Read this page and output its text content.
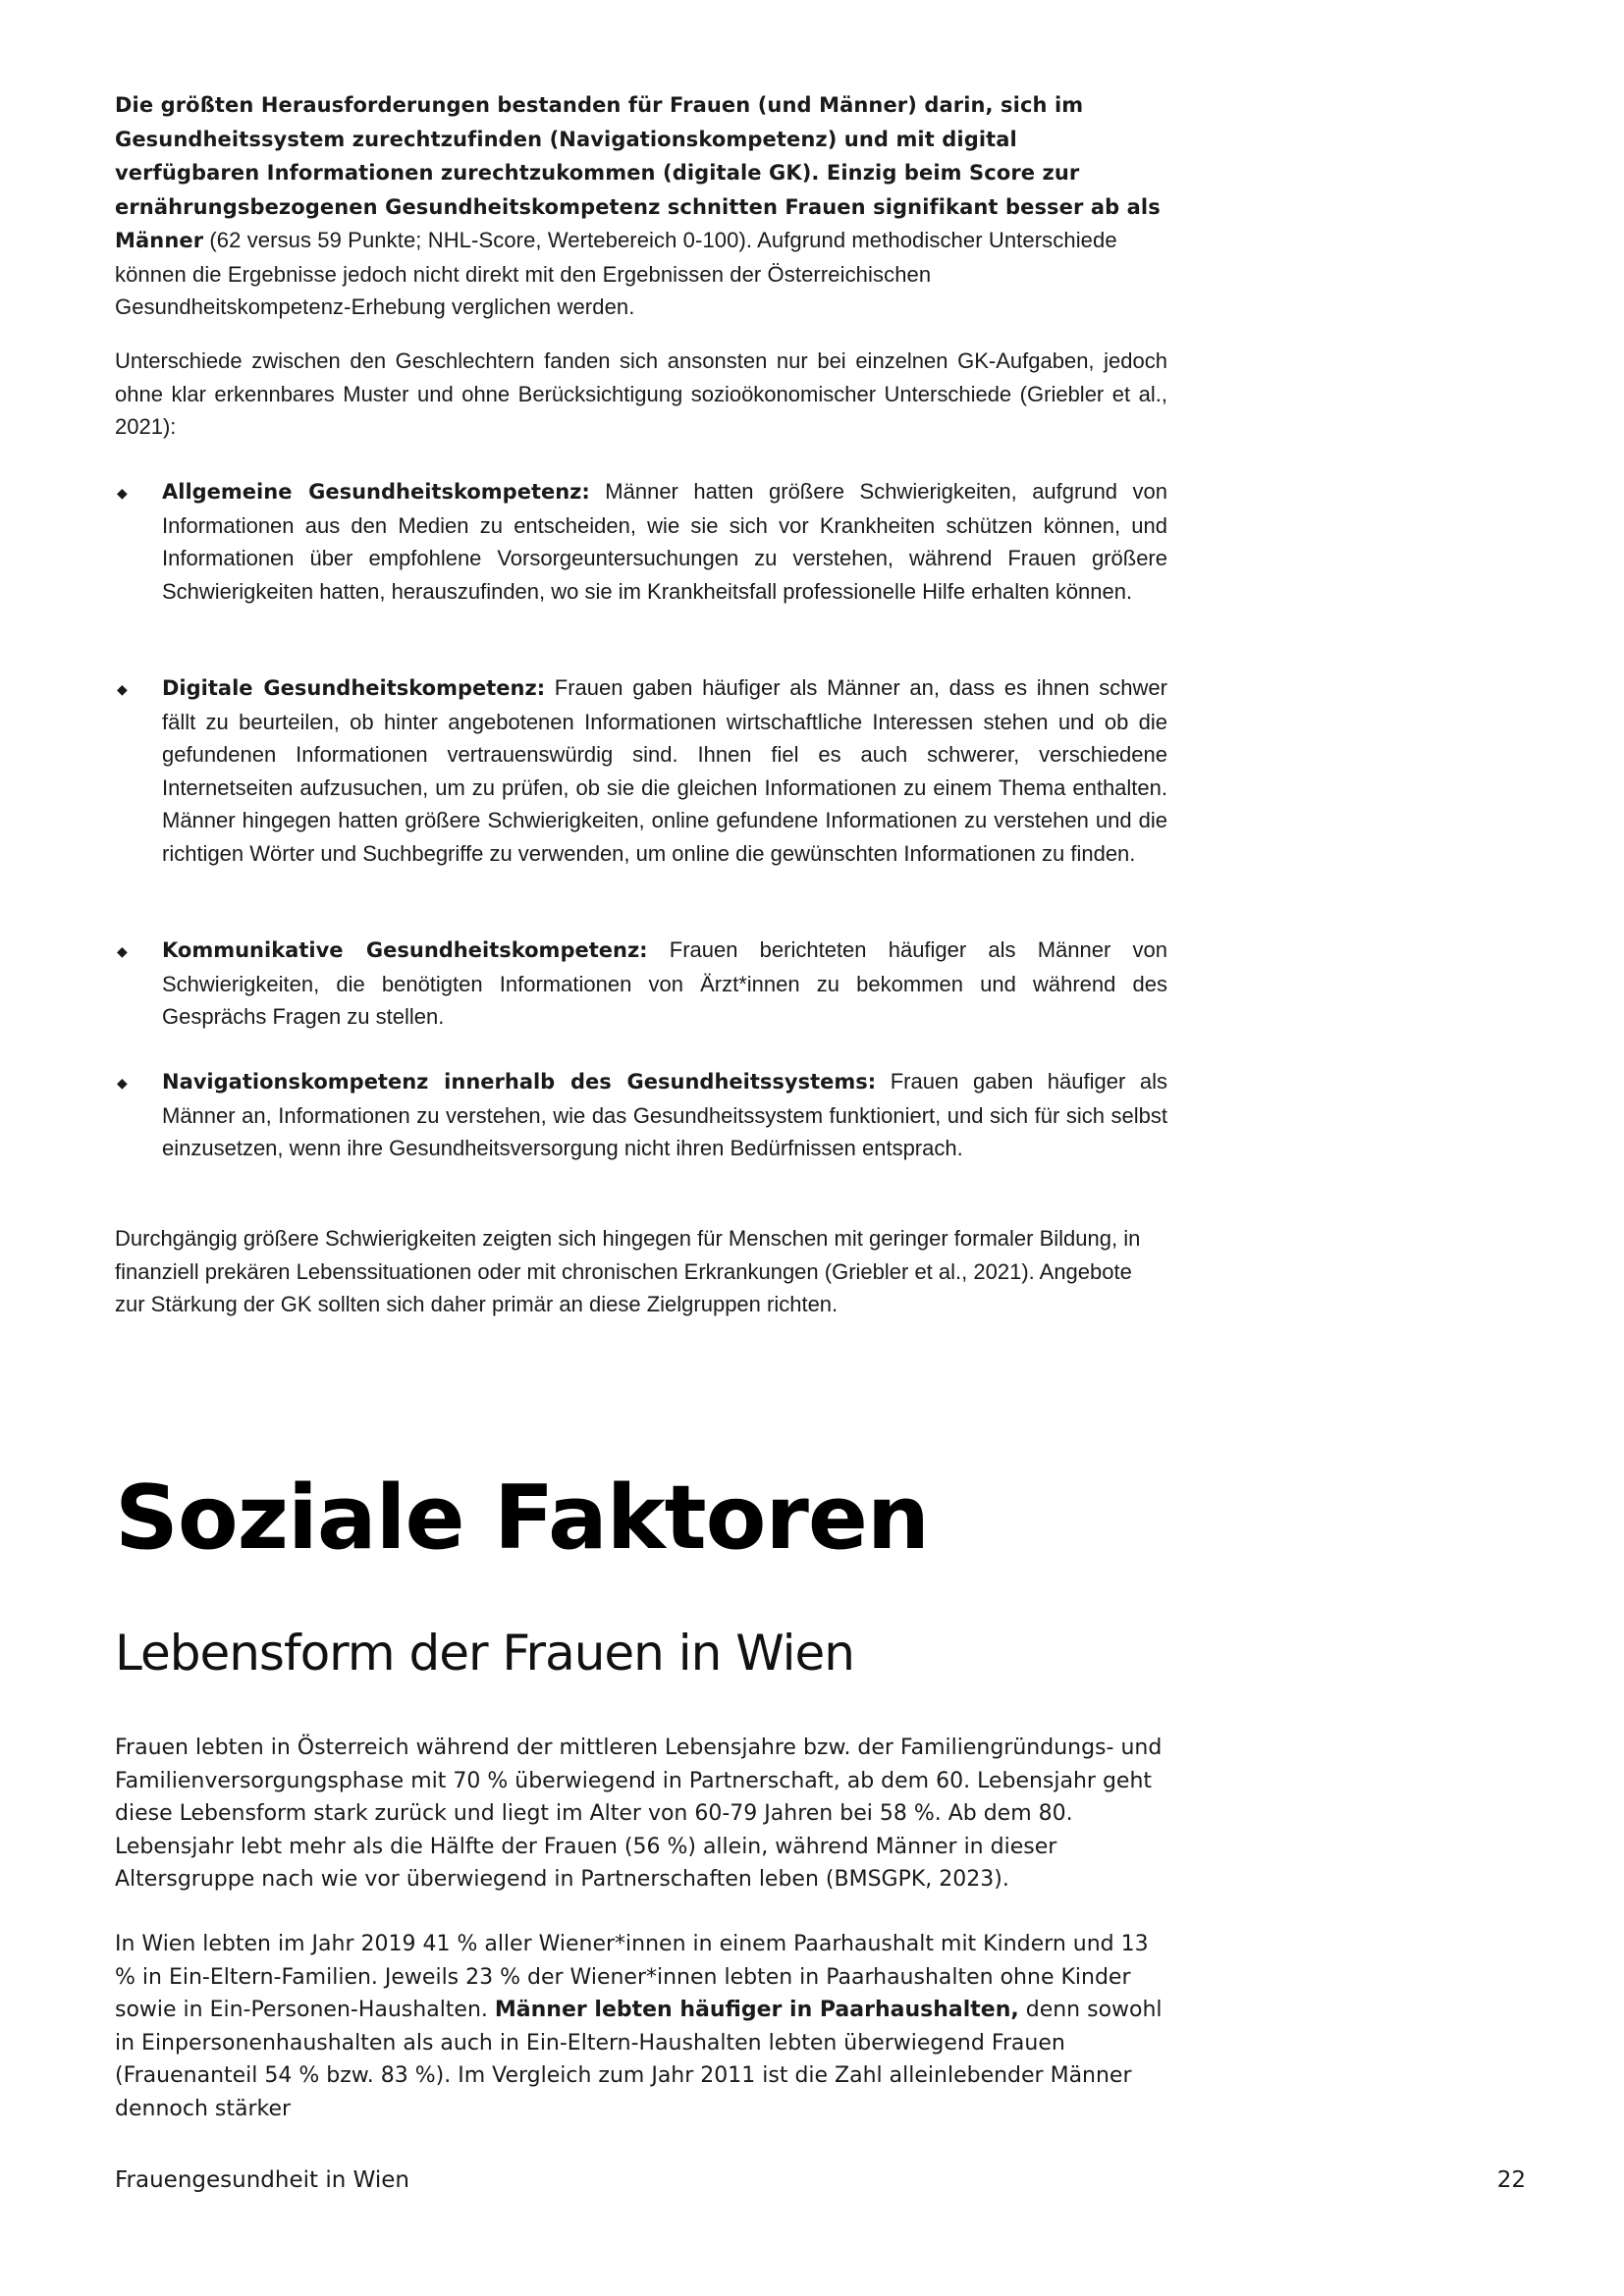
Die größten Herausforderungen bestanden für Frauen (und Männer) darin, sich im Gesundheitssystem zurechtzufinden (Navigationskompetenz) und mit digital verfügbaren Informationen zurechtzukommen (digitale GK). Einzig beim Score zur ernährungsbezogenen Gesundheitskompetenz schnitten Frauen signifikant besser ab als Männer (62 versus 59 Punkte; NHL-Score, Wertebereich 0-100). Aufgrund methodischer Unterschiede können die Ergebnisse jedoch nicht direkt mit den Ergebnissen der Österreichischen Gesundheitskompetenz-Erhebung verglichen werden.

Unterschiede zwischen den Geschlechtern fanden sich ansonsten nur bei einzelnen GK-Aufgaben, jedoch ohne klar erkennbares Muster und ohne Berücksichtigung sozioökonomischer Unterschiede (Griebler et al., 2021):

◆ Allgemeine Gesundheitskompetenz: Männer hatten größere Schwierigkeiten, aufgrund von Informationen aus den Medien zu entscheiden, wie sie sich vor Krankheiten schützen können, und Informationen über empfohlene Vorsorgeuntersuchungen zu verstehen, während Frauen größere Schwierigkeiten hatten, herauszufinden, wo sie im Krankheitsfall professionelle Hilfe erhalten können.
◆ Digitale Gesundheitskompetenz: Frauen gaben häufiger als Männer an, dass es ihnen schwer fällt zu beurteilen, ob hinter angebotenen Informationen wirtschaftliche Interessen stehen und ob die gefundenen Informationen vertrauenswürdig sind. Ihnen fiel es auch schwerer, verschiedene Internetseiten aufzusuchen, um zu prüfen, ob sie die gleichen Informationen zu einem Thema enthalten. Männer hingegen hatten größere Schwierigkeiten, online gefundene Informationen zu verstehen und die richtigen Wörter und Suchbegriffe zu verwenden, um online die gewünschten Informationen zu finden.
◆ Kommunikative Gesundheitskompetenz: Frauen berichteten häufiger als Männer von Schwierigkeiten, die benötigten Informationen von Ärzt*innen zu bekommen und während des Gesprächs Fragen zu stellen.
◆ Navigationskompetenz innerhalb des Gesundheitssystems: Frauen gaben häufiger als Männer an, Informationen zu verstehen, wie das Gesundheitssystem funktioniert, und sich für sich selbst einzusetzen, wenn ihre Gesundheitsversorgung nicht ihren Bedürfnissen entsprach.

Durchgängig größere Schwierigkeiten zeigten sich hingegen für Menschen mit geringer formaler Bildung, in finanziell prekären Lebenssituationen oder mit chronischen Erkrankungen (Griebler et al., 2021). Angebote zur Stärkung der GK sollten sich daher primär an diese Zielgruppen richten.

Soziale Faktoren
Lebensform der Frauen in Wien

Frauen lebten in Österreich während der mittleren Lebensjahre bzw. der Familiengründungs- und Familienversorgungsphase mit 70 % überwiegend in Partnerschaft, ab dem 60. Lebensjahr geht diese Lebensform stark zurück und liegt im Alter von 60-79 Jahren bei 58 %. Ab dem 80. Lebensjahr lebt mehr als die Hälfte der Frauen (56 %) allein, während Männer in dieser Altersgruppe nach wie vor überwiegend in Partnerschaften leben (BMSGPK, 2023).

In Wien lebten im Jahr 2019 41 % aller Wiener*innen in einem Paarhaushalt mit Kindern und 13 % in Ein-Eltern-Familien. Jeweils 23 % der Wiener*innen lebten in Paarhaushalten ohne Kinder sowie in Ein-Personen-Haushalten. Männer lebten häufiger in Paarhaushalten, denn sowohl in Einpersonenhaushalten als auch in Ein-Eltern-Haushalten lebten überwiegend Frauen (Frauenanteil 54 % bzw. 83 %). Im Vergleich zum Jahr 2011 ist die Zahl alleinlebender Männer dennoch stärker

Frauengesundheit in Wien	22
